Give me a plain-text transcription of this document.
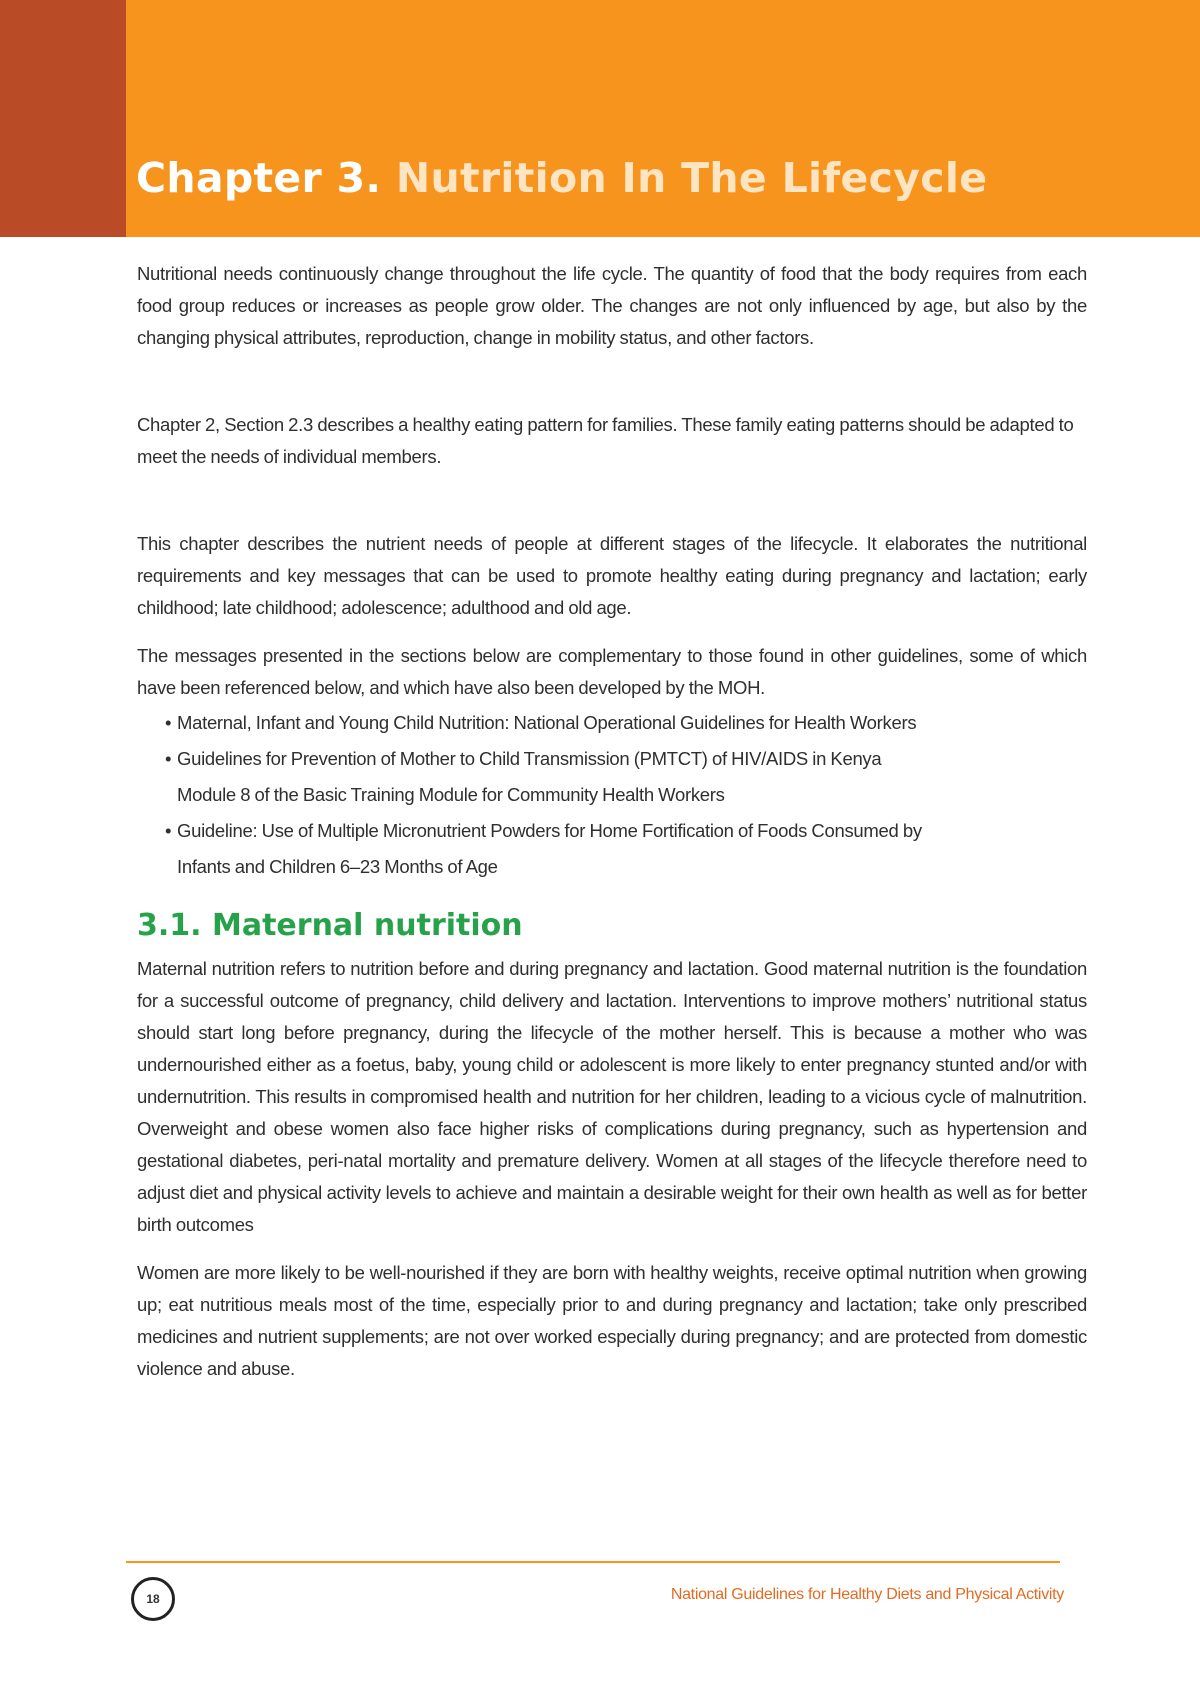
Chapter 3. Nutrition In The Lifecycle

Nutritional needs continuously change throughout the life cycle. The quantity of food that the body requires from each food group reduces or increases as people grow older. The changes are not only influenced by age, but also by the changing physical attributes, reproduction, change in mobility status, and other factors.

Chapter 2, Section 2.3 describes a healthy eating pattern for families. These family eating patterns should be adapted to meet the needs of individual members.

This chapter describes the nutrient needs of people at different stages of the lifecycle. It elaborates the nutritional requirements and key messages that can be used to promote healthy eating during pregnancy and lactation; early childhood; late childhood; adolescence; adulthood and old age.

The messages presented in the sections below are complementary to those found in other guidelines, some of which have been referenced below, and which have also been developed by the MOH.

• Maternal, Infant and Young Child Nutrition: National Operational Guidelines for Health Workers
• Guidelines for Prevention of Mother to Child Transmission (PMTCT) of HIV/AIDS in Kenya Module 8 of the Basic Training Module for Community Health Workers
• Guideline: Use of Multiple Micronutrient Powders for Home Fortification of Foods Consumed by Infants and Children 6–23 Months of Age
3.1. Maternal nutrition

Maternal nutrition refers to nutrition before and during pregnancy and lactation. Good maternal nutrition is the foundation for a successful outcome of pregnancy, child delivery and lactation. Interventions to improve mothers’ nutritional status should start long before pregnancy, during the lifecycle of the mother herself. This is because a mother who was undernourished either as a foetus, baby, young child or adolescent is more likely to enter pregnancy stunted and/or with undernutrition. This results in compromised health and nutrition for her children, leading to a vicious cycle of malnutrition. Overweight and obese women also face higher risks of complications during pregnancy, such as hypertension and gestational diabetes, peri-natal mortality and premature delivery. Women at all stages of the lifecycle therefore need to adjust diet and physical activity levels to achieve and maintain a desirable weight for their own health as well as for better birth outcomes

Women are more likely to be well-nourished if they are born with healthy weights, receive optimal nutrition when growing up; eat nutritious meals most of the time, especially prior to and during pregnancy and lactation; take only prescribed medicines and nutrient supplements; are not over worked especially during pregnancy; and are protected from domestic violence and abuse.

18	National Guidelines for Healthy Diets and Physical Activity
